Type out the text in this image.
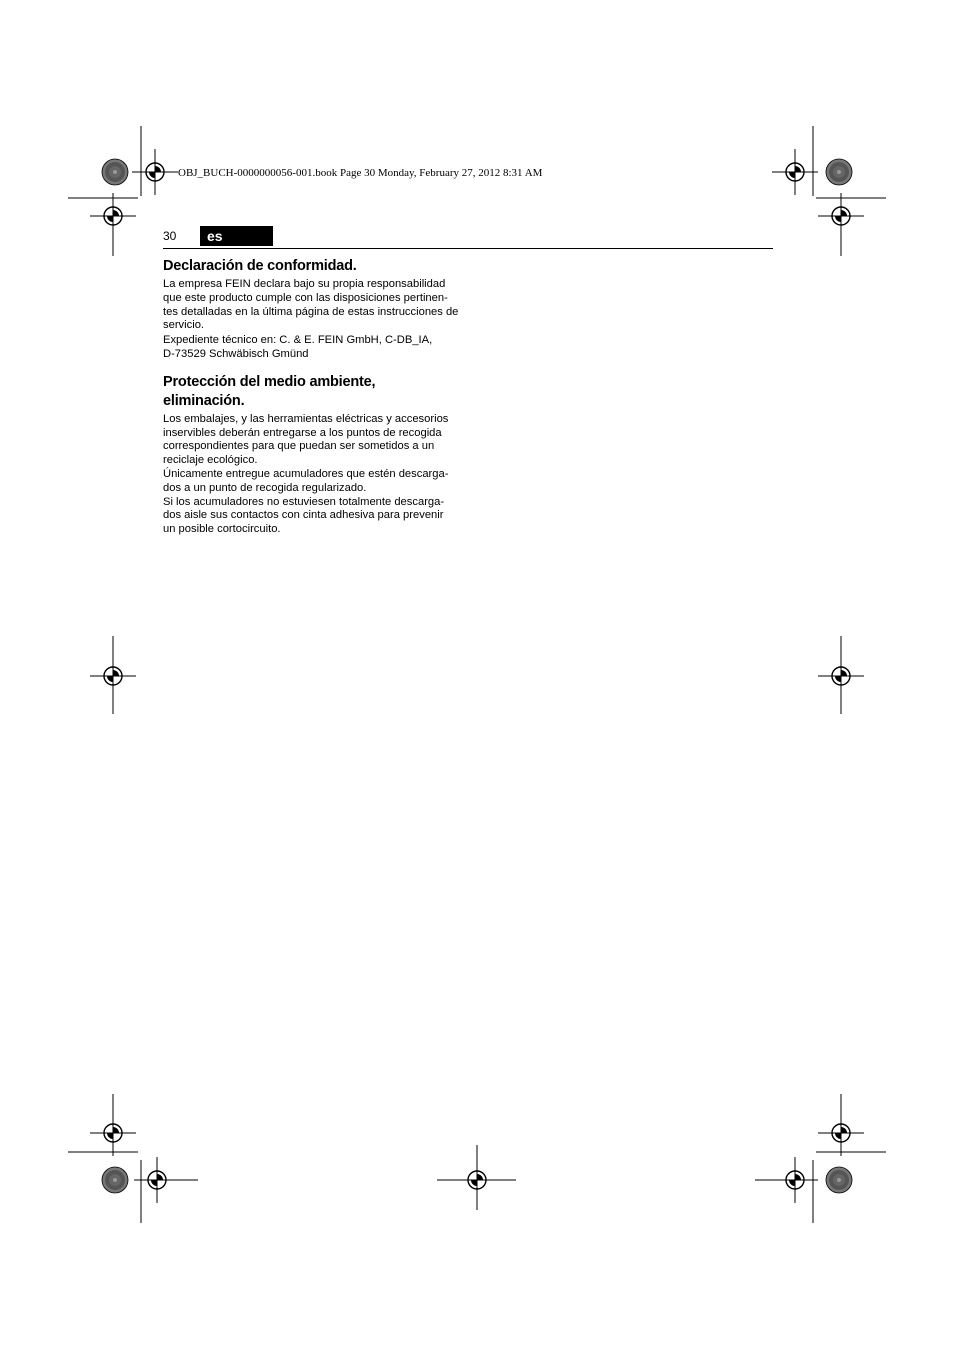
OBJ_BUCH-0000000056-001.book Page 30 Monday, February 27, 2012 8:31 AM
30	es
Declaración de conformidad.

La empresa FEIN declara bajo su propia responsabilidad
que este producto cumple con las disposiciones pertinen-
tes detalladas en la última página de estas instrucciones de
servicio.

Expediente técnico en: C. & E. FEIN GmbH, C-DB_IA,
D-73529 Schwäbisch Gmünd

Protección del medio ambiente,
eliminación.

Los embalajes, y las herramientas eléctricas y accesorios
inservibles deberán entregarse a los puntos de recogida
correspondientes para que puedan ser sometidos a un
reciclaje ecológico.

Únicamente entregue acumuladores que estén descarga-
dos a un punto de recogida regularizado.

Si los acumuladores no estuviesen totalmente descarga-
dos aisle sus contactos con cinta adhesiva para prevenir
un posible cortocircuito.
